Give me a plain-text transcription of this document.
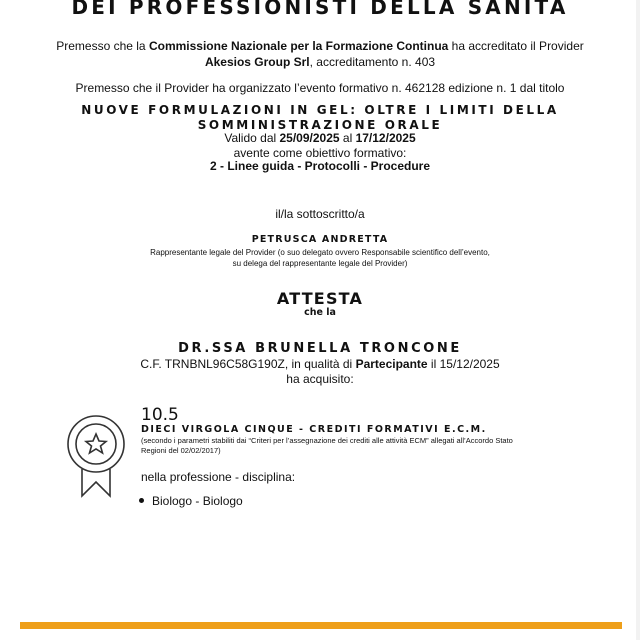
DEI PROFESSIONISTI DELLA SANITA
Premesso che la Commissione Nazionale per la Formazione Continua ha accreditato il Provider
Akesios Group Srl, accreditamento n. 403
Premesso che il Provider ha organizzato l’evento formativo n. 462128 edizione n. 1 dal titolo
NUOVE FORMULAZIONI IN GEL: OLTRE I LIMITI DELLA
SOMMINISTRAZIONE ORALE
Valido dal 25/09/2025 al 17/12/2025
avente come obiettivo formativo:
2 - Linee guida - Protocolli - Procedure
il/la sottoscritto/a
PETRUSCA ANDRETTA
Rappresentante legale del Provider (o suo delegato ovvero Responsabile scientifico dell’evento,
su delega del rappresentante legale del Provider)
ATTESTA
che la
DR.SSA BRUNELLA TRONCONE
C.F. TRNBNL96C58G190Z, in qualità di Partecipante il 15/12/2025
ha acquisito:
10.5
DIECI VIRGOLA CINQUE - CREDITI FORMATIVI E.C.M.
(secondo i parametri stabiliti dai “Criteri per l’assegnazione dei crediti alle attività ECM” allegati all’Accordo Stato
Regioni del 02/02/2017)
nella professione - disciplina:
Biologo - Biologo
